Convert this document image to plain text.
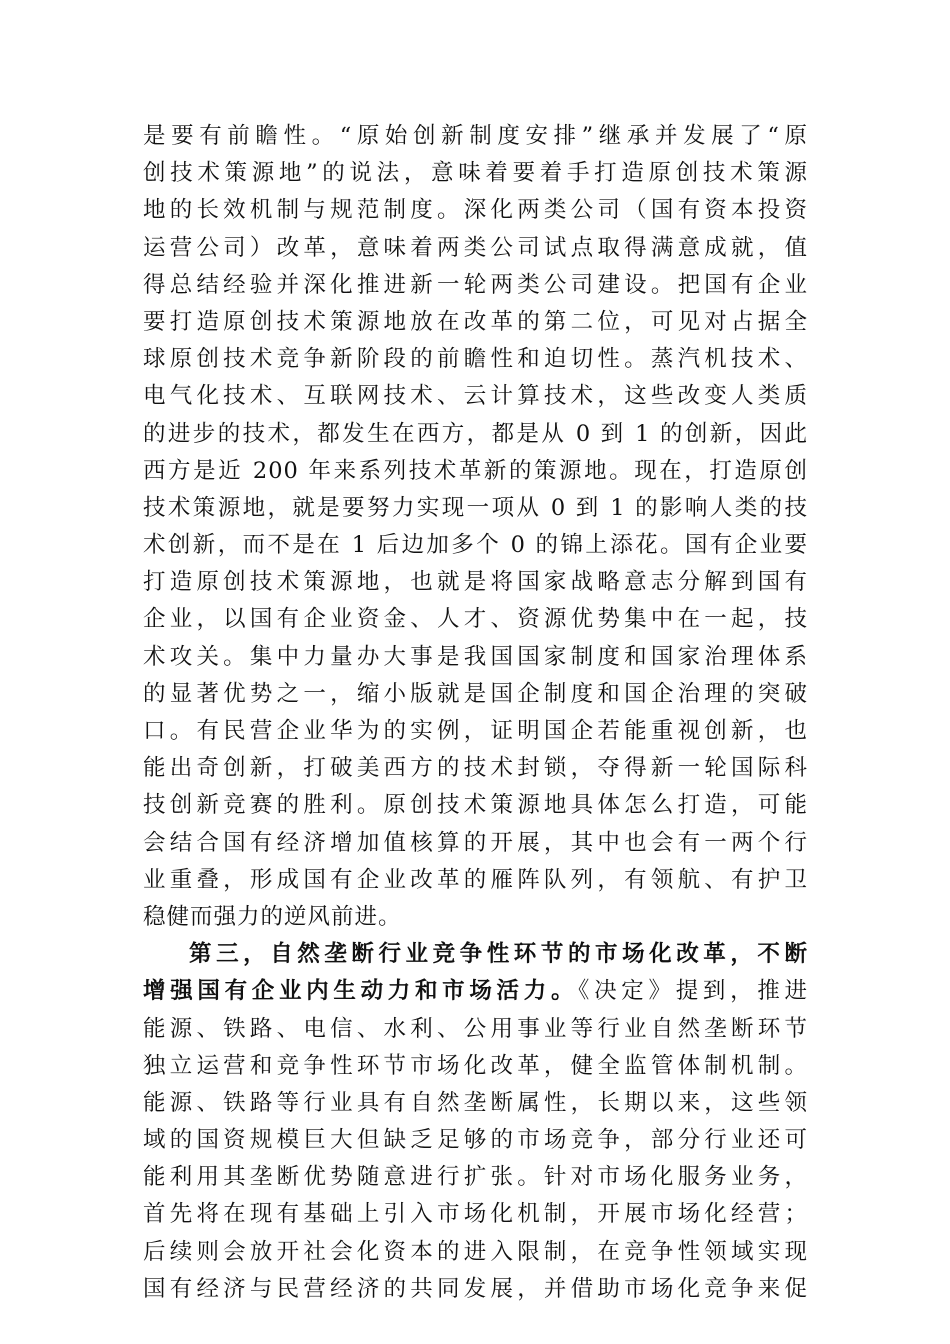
是要有前瞻性。“原始创新制度安排”继承并发展了“原
创技术策源地”的说法，意味着要着手打造原创技术策源
地的长效机制与规范制度。深化两类公司（国有资本投资
运营公司）改革，意味着两类公司试点取得满意成就，值
得总结经验并深化推进新一轮两类公司建设。把国有企业
要打造原创技术策源地放在改革的第二位，可见对占据全
球原创技术竞争新阶段的前瞻性和迫切性。蒸汽机技术、
电气化技术、互联网技术、云计算技术，这些改变人类质
的进步的技术，都发生在西方，都是从 0 到 1 的创新，因此
西方是近 200 年来系列技术革新的策源地。现在，打造原创
技术策源地，就是要努力实现一项从 0 到 1 的影响人类的技
术创新，而不是在 1 后边加多个 0 的锦上添花。国有企业要
打造原创技术策源地，也就是将国家战略意志分解到国有
企业，以国有企业资金、人才、资源优势集中在一起，技
术攻关。集中力量办大事是我国国家制度和国家治理体系
的显著优势之一，缩小版就是国企制度和国企治理的突破
口。有民营企业华为的实例，证明国企若能重视创新，也
能出奇创新，打破美西方的技术封锁，夺得新一轮国际科
技创新竞赛的胜利。原创技术策源地具体怎么打造，可能
会结合国有经济增加值核算的开展，其中也会有一两个行
业重叠，形成国有企业改革的雁阵队列，有领航、有护卫
稳健而强力的逆风前进。
第三，自然垄断行业竞争性环节的市场化改革，不断
增强国有企业内生动力和市场活力。《决定》提到，推进
能源、铁路、电信、水利、公用事业等行业自然垄断环节
独立运营和竞争性环节市场化改革，健全监管体制机制。
能源、铁路等行业具有自然垄断属性，长期以来，这些领
域的国资规模巨大但缺乏足够的市场竞争，部分行业还可
能利用其垄断优势随意进行扩张。针对市场化服务业务，
首先将在现有基础上引入市场化机制，开展市场化经营；
后续则会放开社会化资本的进入限制，在竞争性领域实现
国有经济与民营经济的共同发展，并借助市场化竞争来促
